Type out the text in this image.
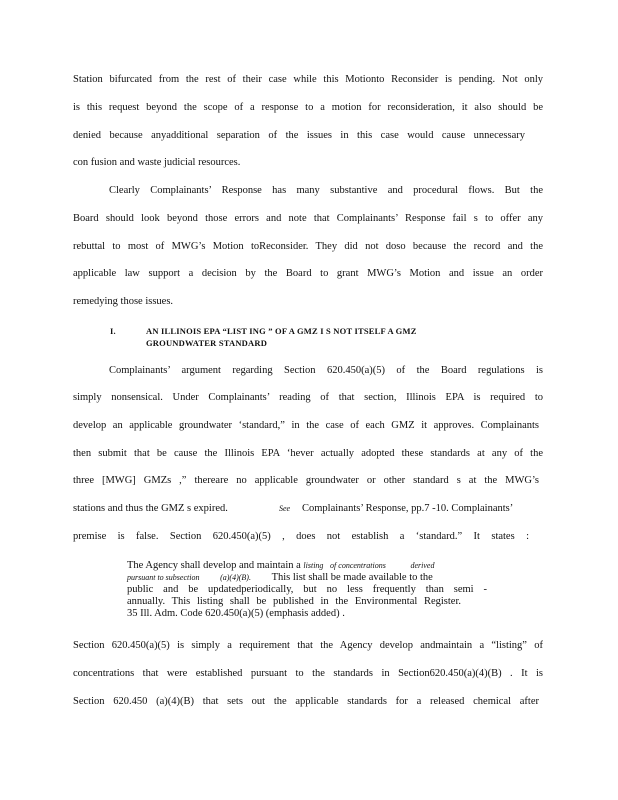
Station bifurcated from the rest of their case while this Motionto Reconsider is pending. Not only
is this request beyond the scope of a response to a motion for reconsideration, it also should be
denied because anyadditional separation of the issues in this case would cause unnecessary
con fusion and waste judicial resources.
Clearly Complainants’ Response has many substantive and procedural flows. But the
Board should look beyond those errors and note that Complainants’ Response fail s to offer any
rebuttal to most of MWG’s Motion toReconsider. They did not doso because the record and the
applicable law support a decision by the Board to grant MWG’s Motion and issue an order
remedying those issues.
I.	AN ILLINOIS EPA “LIST ING ” OF A GMZ I S NOT ITSELF A GMZ
GROUNDWATER STANDARD
Complainants’ argument regarding Section 620.450(a)(5) of the Board regulations is
simply nonsensical. Under Complainants’ reading of that section, Illinois EPA is required to
develop an applicable groundwater ‘standard,” in the case of each GMZ it approves. Complainants
then submit that be cause the Illinois EPA ‘hever actually adopted these standards at any of the
three [MWG] GMZs ,” thereare no applicable groundwater or other standard s at the MWG’s
stations and thus the GMZ s expired.	See	Complainants’ Response, pp.7 -10. Complainants’
premise is false. Section 620.450(a)(5) , does not establish a ‘standard.” It states :
The Agency shall develop and maintain a listing of concentrations	derived
pursuant to subsection	(a)(4)(B). This list shall be made available to the
public and be updatedperiodically, but no less frequently than semi -
annually. This listing shall be published in the Environmental Register.
35 Ill. Adm. Code 620.450(a)(5) (emphasis added) .
Section 620.450(a)(5) is simply a requirement that the Agency develop andmaintain a “listing” of
concentrations that were established pursuant to the standards in Section620.450(a)(4)(B) . It is
Section 620.450 (a)(4)(B) that sets out the applicable standards for a released chemical after
